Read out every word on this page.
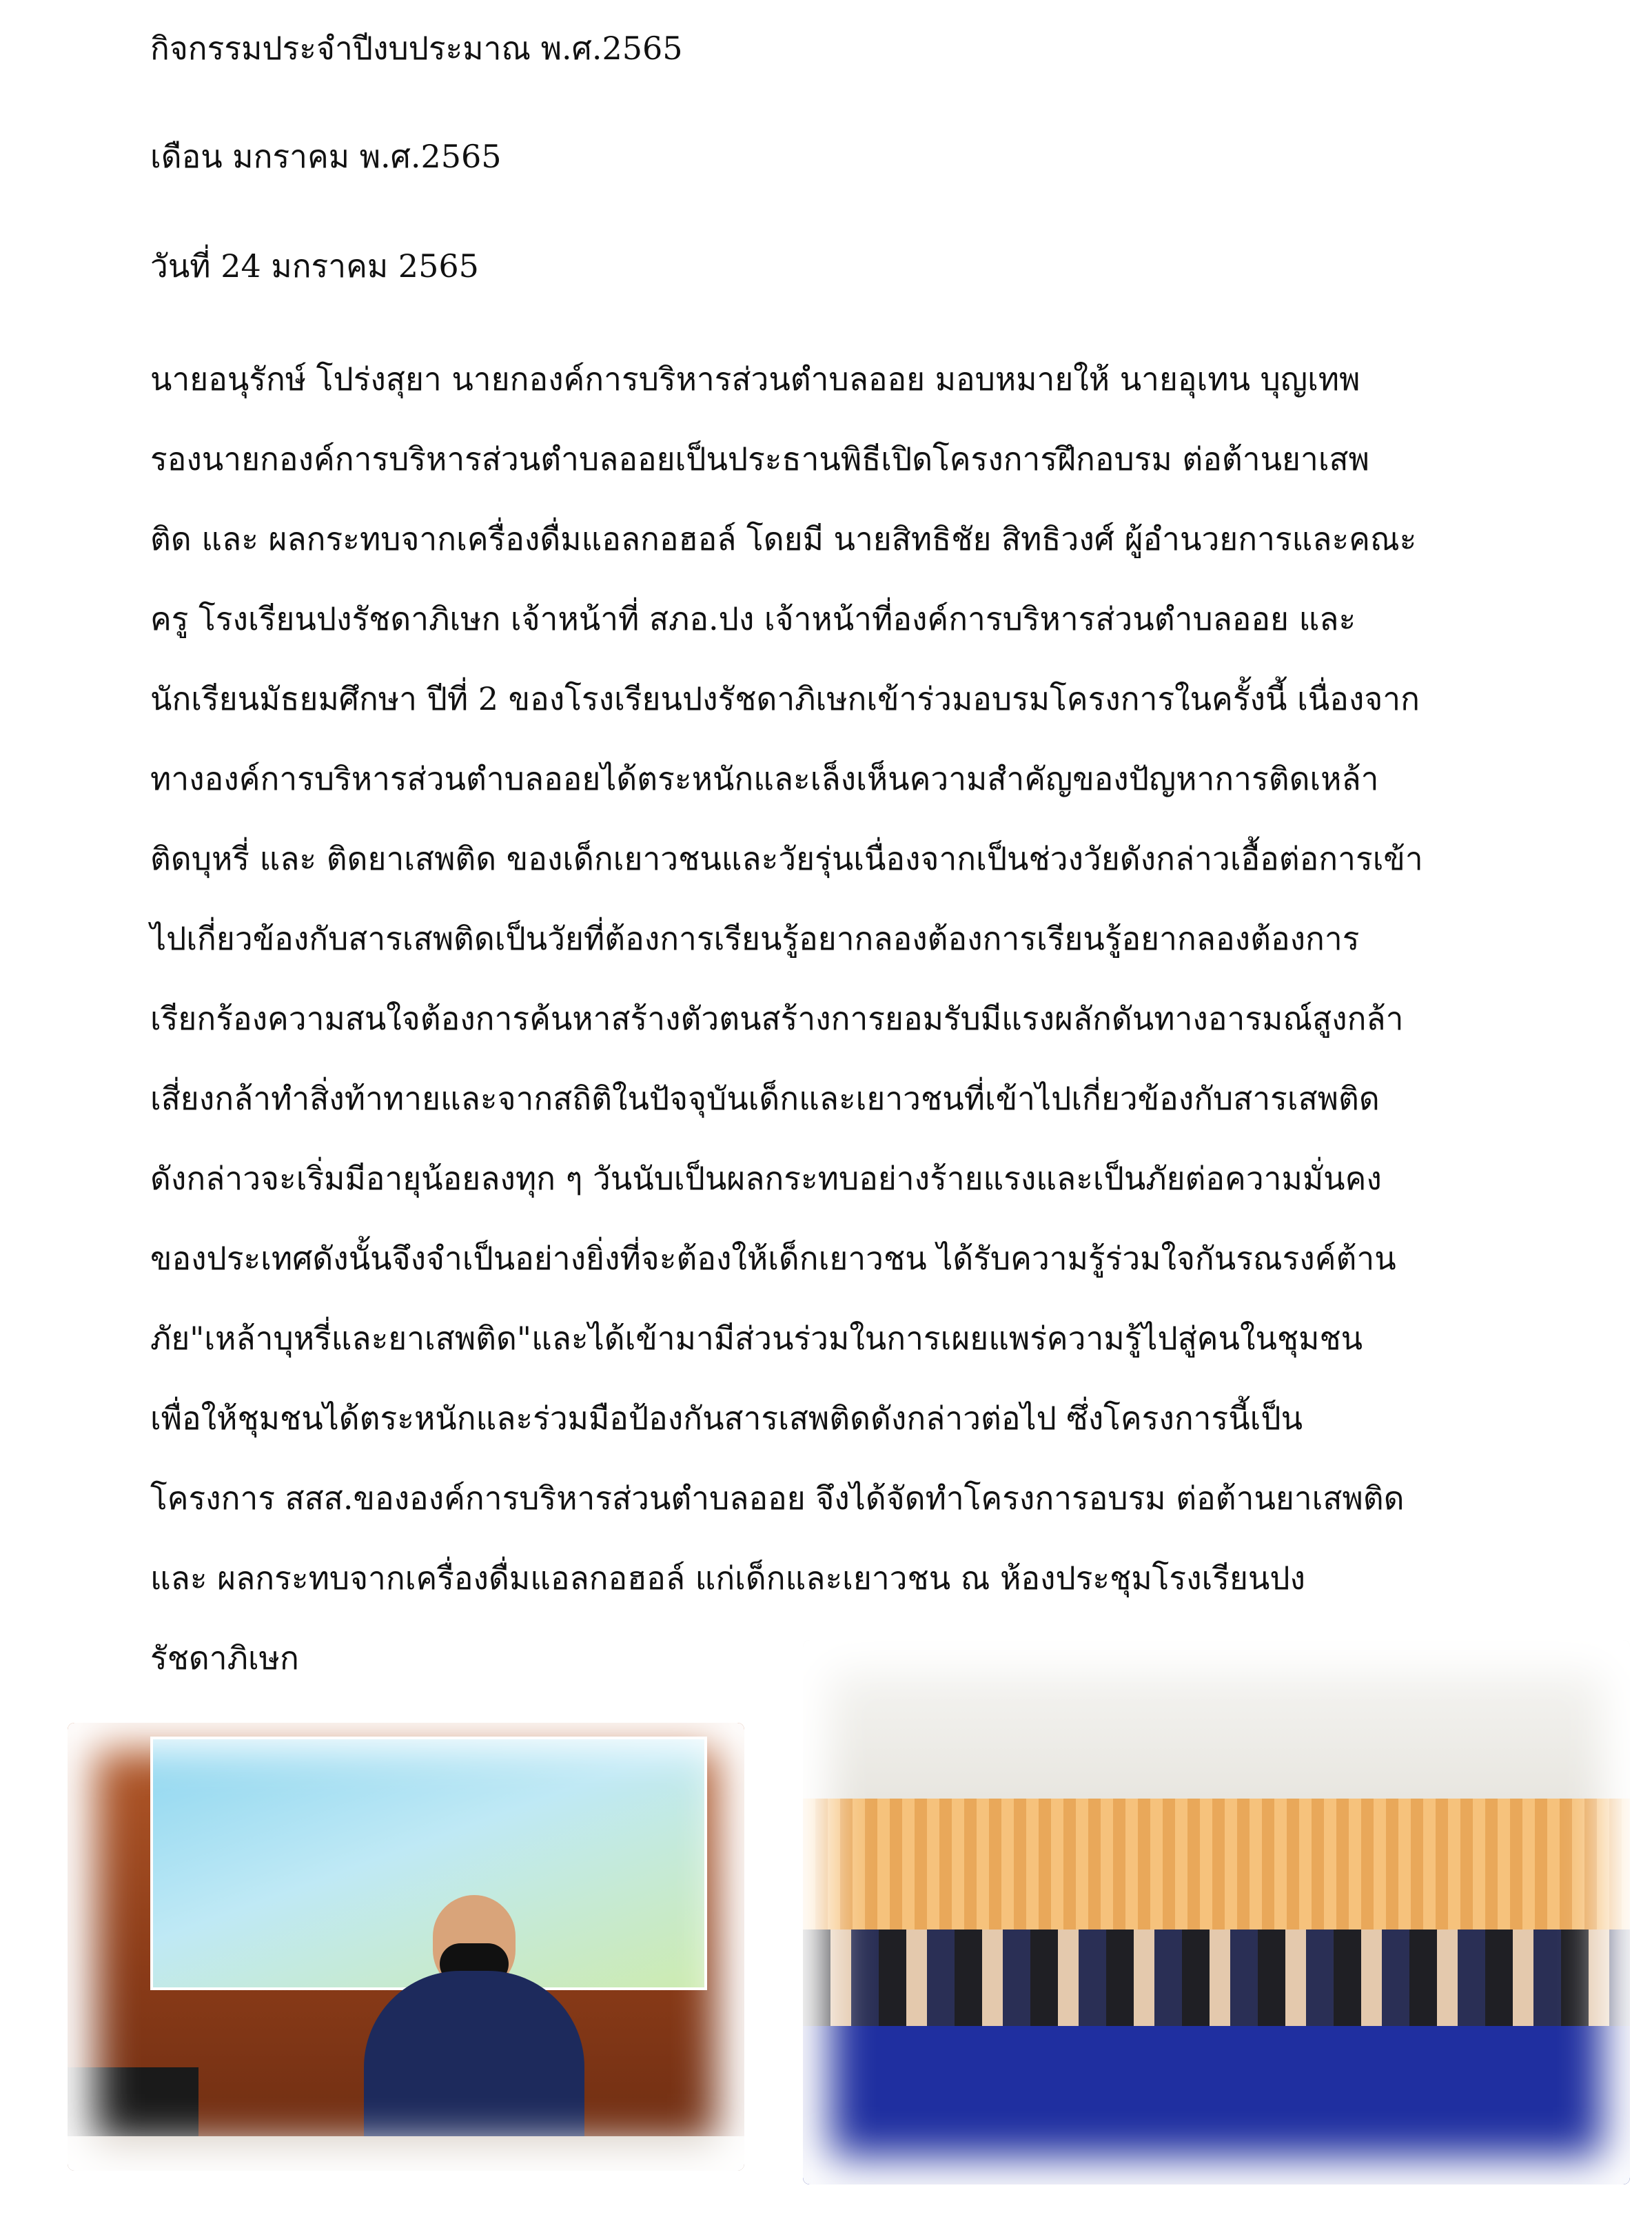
กิจกรรมประจำปีงบประมาณ พ.ศ.2565
เดือน มกราคม พ.ศ.2565
วันที่ 24 มกราคม 2565
นายอนุรักษ์ โปร่งสุยา นายกองค์การบริหารส่วนตำบลออย มอบหมายให้ นายอุเทน บุญเทพ
รองนายกองค์การบริหารส่วนตำบลออยเป็นประธานพิธีเปิดโครงการฝึกอบรม ต่อต้านยาเสพ
ติด และ ผลกระทบจากเครื่องดื่มแอลกอฮอล์ โดยมี นายสิทธิชัย สิทธิวงศ์ ผู้อำนวยการและคณะ
ครู โรงเรียนปงรัชดาภิเษก เจ้าหน้าที่ สภอ.ปง เจ้าหน้าที่องค์การบริหารส่วนตำบลออย และ
นักเรียนมัธยมศึกษา ปีที่ 2 ของโรงเรียนปงรัชดาภิเษกเข้าร่วมอบรมโครงการในครั้งนี้ เนื่องจาก
ทางองค์การบริหารส่วนตำบลออยได้ตระหนักและเล็งเห็นความสำคัญของปัญหาการติดเหล้า
ติดบุหรี่ และ ติดยาเสพติด ของเด็กเยาวชนและวัยรุ่นเนื่องจากเป็นช่วงวัยดังกล่าวเอื้อต่อการเข้า
ไปเกี่ยวข้องกับสารเสพติดเป็นวัยที่ต้องการเรียนรู้อยากลองต้องการเรียนรู้อยากลองต้องการ
เรียกร้องความสนใจต้องการค้นหาสร้างตัวตนสร้างการยอมรับมีแรงผลักดันทางอารมณ์สูงกล้า
เสี่ยงกล้าทำสิ่งท้าทายและจากสถิติในปัจจุบันเด็กและเยาวชนที่เข้าไปเกี่ยวข้องกับสารเสพติด
ดังกล่าวจะเริ่มมีอายุน้อยลงทุก ๆ วันนับเป็นผลกระทบอย่างร้ายแรงและเป็นภัยต่อความมั่นคง
ของประเทศดังนั้นจึงจำเป็นอย่างยิ่งที่จะต้องให้เด็กเยาวชน ได้รับความรู้ร่วมใจกันรณรงค์ต้าน
ภัย"เหล้าบุหรี่และยาเสพติด"และได้เข้ามามีส่วนร่วมในการเผยแพร่ความรู้ไปสู่คนในชุมชน
เพื่อให้ชุมชนได้ตระหนักและร่วมมือป้องกันสารเสพติดดังกล่าวต่อไป ซึ่งโครงการนี้เป็น
โครงการ สสส.ขององค์การบริหารส่วนตำบลออย จึงได้จัดทำโครงการอบรม ต่อต้านยาเสพติด
และ ผลกระทบจากเครื่องดื่มแอลกอฮอล์ แก่เด็กและเยาวชน ณ ห้องประชุมโรงเรียนปง
รัชดาภิเษก
